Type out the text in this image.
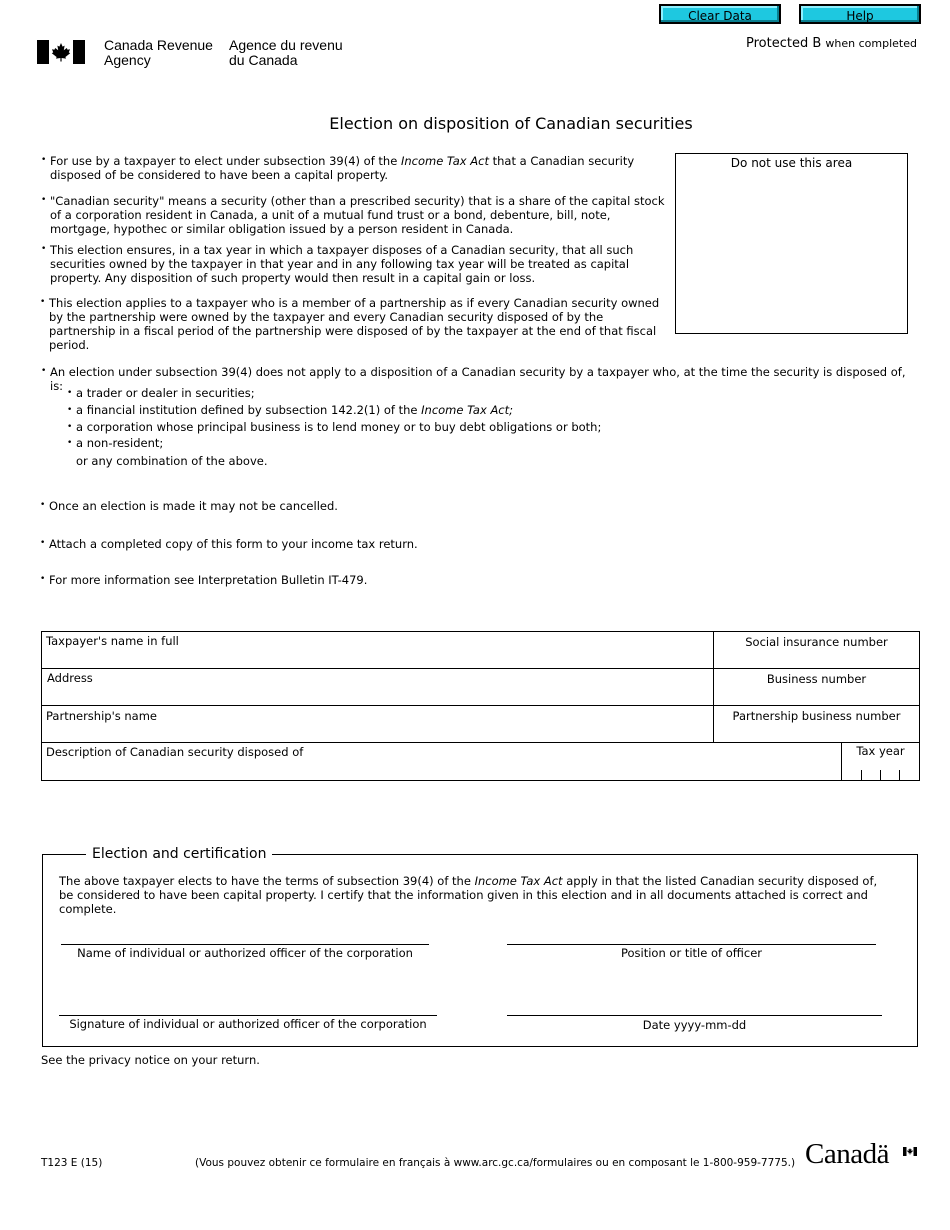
Clear Data	Help
Canada Revenue
Agency
Agence du revenu
du Canada
Protected B when completed
Election on disposition of Canadian securities
Do not use this area
• For use by a taxpayer to elect under subsection 39(4) of the Income Tax Act that a Canadian security disposed of be considered to have been a capital property.
• "Canadian security" means a security (other than a prescribed security) that is a share of the capital stock of a corporation resident in Canada, a unit of a mutual fund trust or a bond, debenture, bill, note, mortgage, hypothec or similar obligation issued by a person resident in Canada.
• This election ensures, in a tax year in which a taxpayer disposes of a Canadian security, that all such securities owned by the taxpayer in that year and in any following tax year will be treated as capital property. Any disposition of such property would then result in a capital gain or loss.
• This election applies to a taxpayer who is a member of a partnership as if every Canadian security owned by the partnership were owned by the taxpayer and every Canadian security disposed of by the partnership in a fiscal period of the partnership were disposed of by the taxpayer at the end of that fiscal period.
• An election under subsection 39(4) does not apply to a disposition of a Canadian security by a taxpayer who, at the time the security is disposed of, is: • a trader or dealer in securities;
• a financial institution defined by subsection 142.2(1) of the Income Tax Act;
• a corporation whose principal business is to lend money or to buy debt obligations or both;
• a non-resident;
or any combination of the above.
• Once an election is made it may not be cancelled.
• Attach a completed copy of this form to your income tax return.
• For more information see Interpretation Bulletin IT-479.
Taxpayer's name in full	Social insurance number
Address	Business number
Partnership's name	Partnership business number
Description of Canadian security disposed of	Tax year
Election and certification
The above taxpayer elects to have the terms of subsection 39(4) of the Income Tax Act apply in that the listed Canadian security disposed of, be considered to have been capital property. I certify that the information given in this election and in all documents attached is correct and complete.
Name of individual or authorized officer of the corporation	Position or title of officer
Signature of individual or authorized officer of the corporation	Date yyyy-mm-dd
See the privacy notice on your return.
T123 E (15)	(Vous pouvez obtenir ce formulaire en français à www.arc.gc.ca/formulaires ou en composant le 1-800-959-7775.) Canadä
